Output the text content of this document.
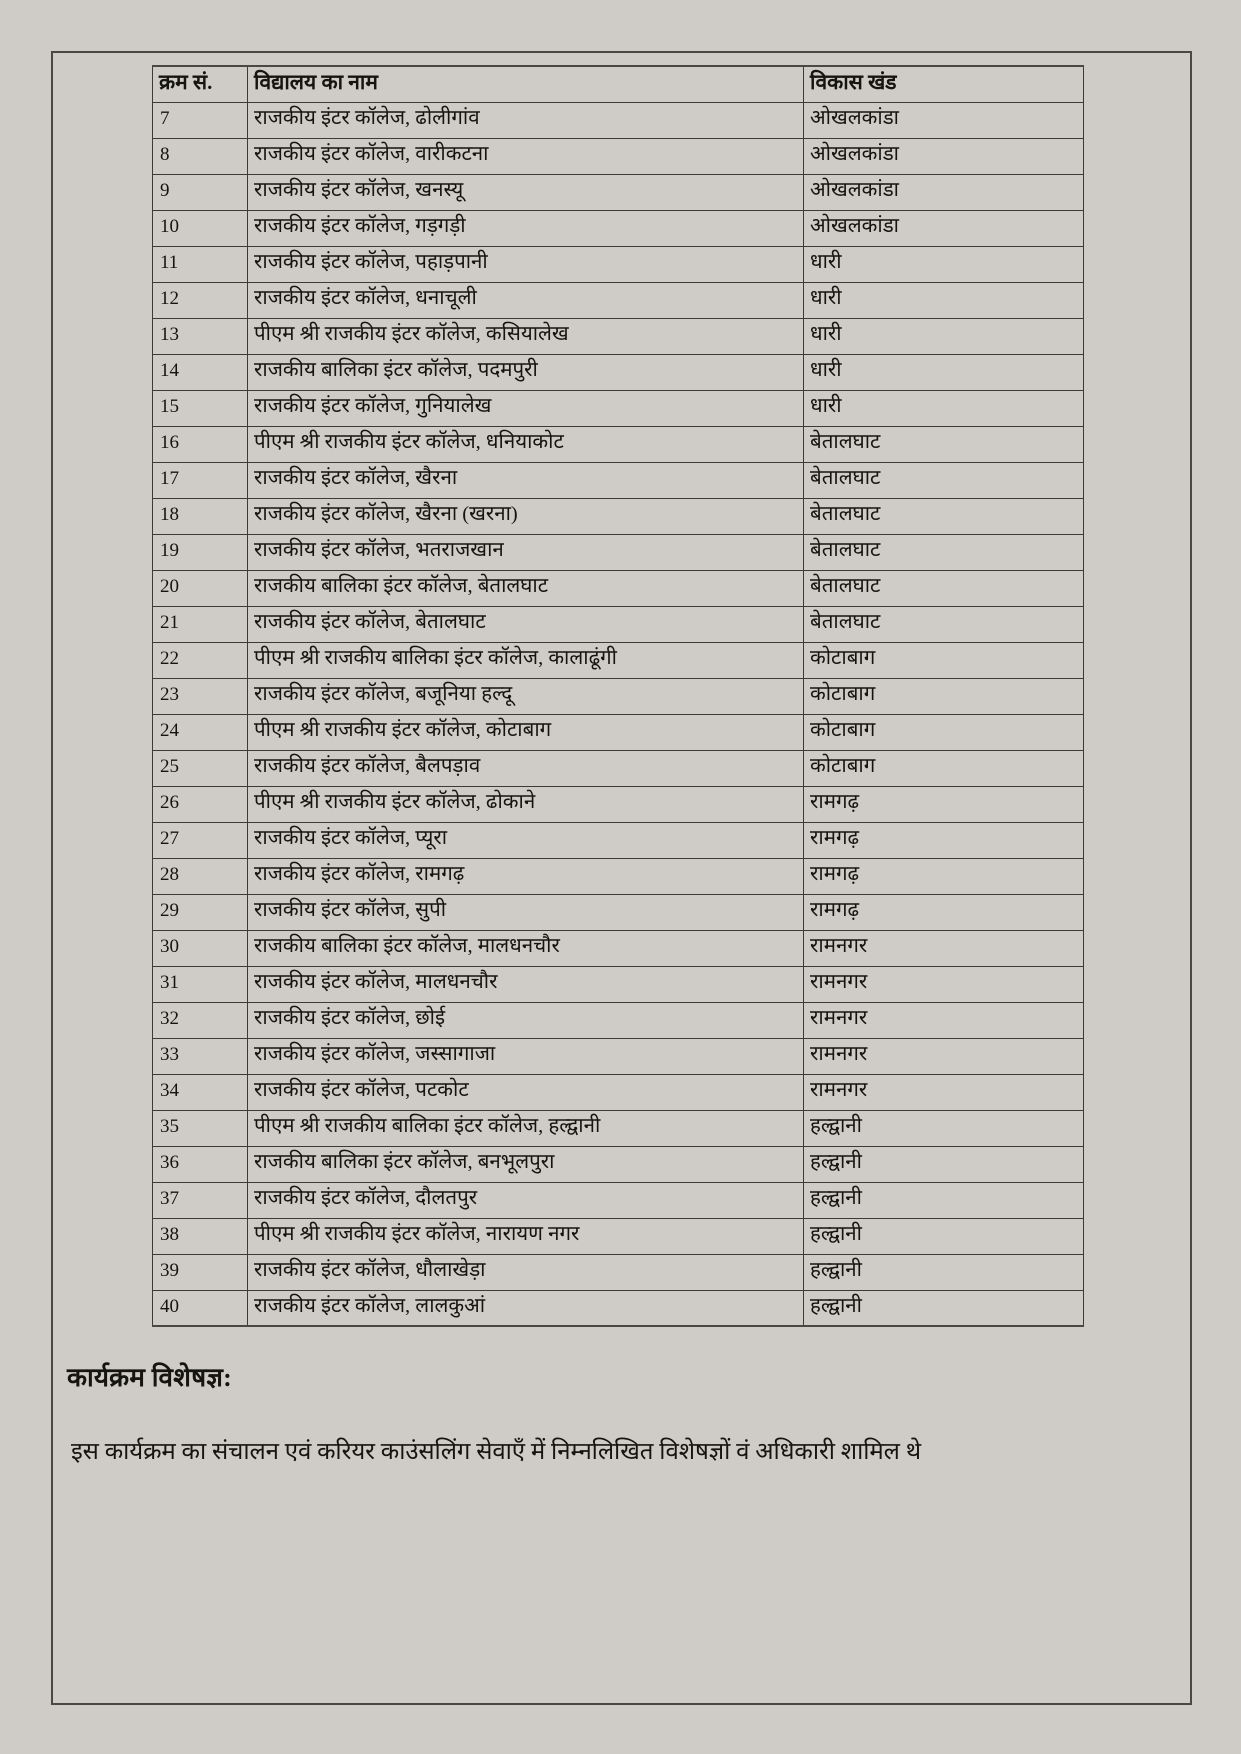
क्रम सं.	विद्यालय का नाम	विकास खंड
7	राजकीय इंटर कॉलेज, ढोलीगांव	ओखलकांडा
8	राजकीय इंटर कॉलेज, वारीकटना	ओखलकांडा
9	राजकीय इंटर कॉलेज, खनस्यू	ओखलकांडा
10	राजकीय इंटर कॉलेज, गड़गड़ी	ओखलकांडा
11	राजकीय इंटर कॉलेज, पहाड़पानी	धारी
12	राजकीय इंटर कॉलेज, धनाचूली	धारी
13	पीएम श्री राजकीय इंटर कॉलेज, कसियालेख	धारी
14	राजकीय बालिका इंटर कॉलेज, पदमपुरी	धारी
15	राजकीय इंटर कॉलेज, गुनियालेख	धारी
16	पीएम श्री राजकीय इंटर कॉलेज, धनियाकोट	बेतालघाट
17	राजकीय इंटर कॉलेज, खैरना	बेतालघाट
18	राजकीय इंटर कॉलेज, खैरना (खरना)	बेतालघाट
19	राजकीय इंटर कॉलेज, भतराजखान	बेतालघाट
20	राजकीय बालिका इंटर कॉलेज, बेतालघाट	बेतालघाट
21	राजकीय इंटर कॉलेज, बेतालघाट	बेतालघाट
22	पीएम श्री राजकीय बालिका इंटर कॉलेज, कालाढूंगी	कोटाबाग
23	राजकीय इंटर कॉलेज, बजूनिया हल्दू	कोटाबाग
24	पीएम श्री राजकीय इंटर कॉलेज, कोटाबाग	कोटाबाग
25	राजकीय इंटर कॉलेज, बैलपड़ाव	कोटाबाग
26	पीएम श्री राजकीय इंटर कॉलेज, ढोकाने	रामगढ़
27	राजकीय इंटर कॉलेज, प्यूरा	रामगढ़
28	राजकीय इंटर कॉलेज, रामगढ़	रामगढ़
29	राजकीय इंटर कॉलेज, सुपी	रामगढ़
30	राजकीय बालिका इंटर कॉलेज, मालधनचौर	रामनगर
31	राजकीय इंटर कॉलेज, मालधनचौर	रामनगर
32	राजकीय इंटर कॉलेज, छोई	रामनगर
33	राजकीय इंटर कॉलेज, जस्सागाजा	रामनगर
34	राजकीय इंटर कॉलेज, पटकोट	रामनगर
35	पीएम श्री राजकीय बालिका इंटर कॉलेज, हल्द्वानी	हल्द्वानी
36	राजकीय बालिका इंटर कॉलेज, बनभूलपुरा	हल्द्वानी
37	राजकीय इंटर कॉलेज, दौलतपुर	हल्द्वानी
38	पीएम श्री राजकीय इंटर कॉलेज, नारायण नगर	हल्द्वानी
39	राजकीय इंटर कॉलेज, धौलाखेड़ा	हल्द्वानी
40	राजकीय इंटर कॉलेज, लालकुआं	हल्द्वानी

कार्यक्रम विशेषज्ञ:

इस कार्यक्रम का संचालन एवं करियर काउंसलिंग सेवाएँ में निम्नलिखित विशेषज्ञों वं अधिकारी शामिल थे
